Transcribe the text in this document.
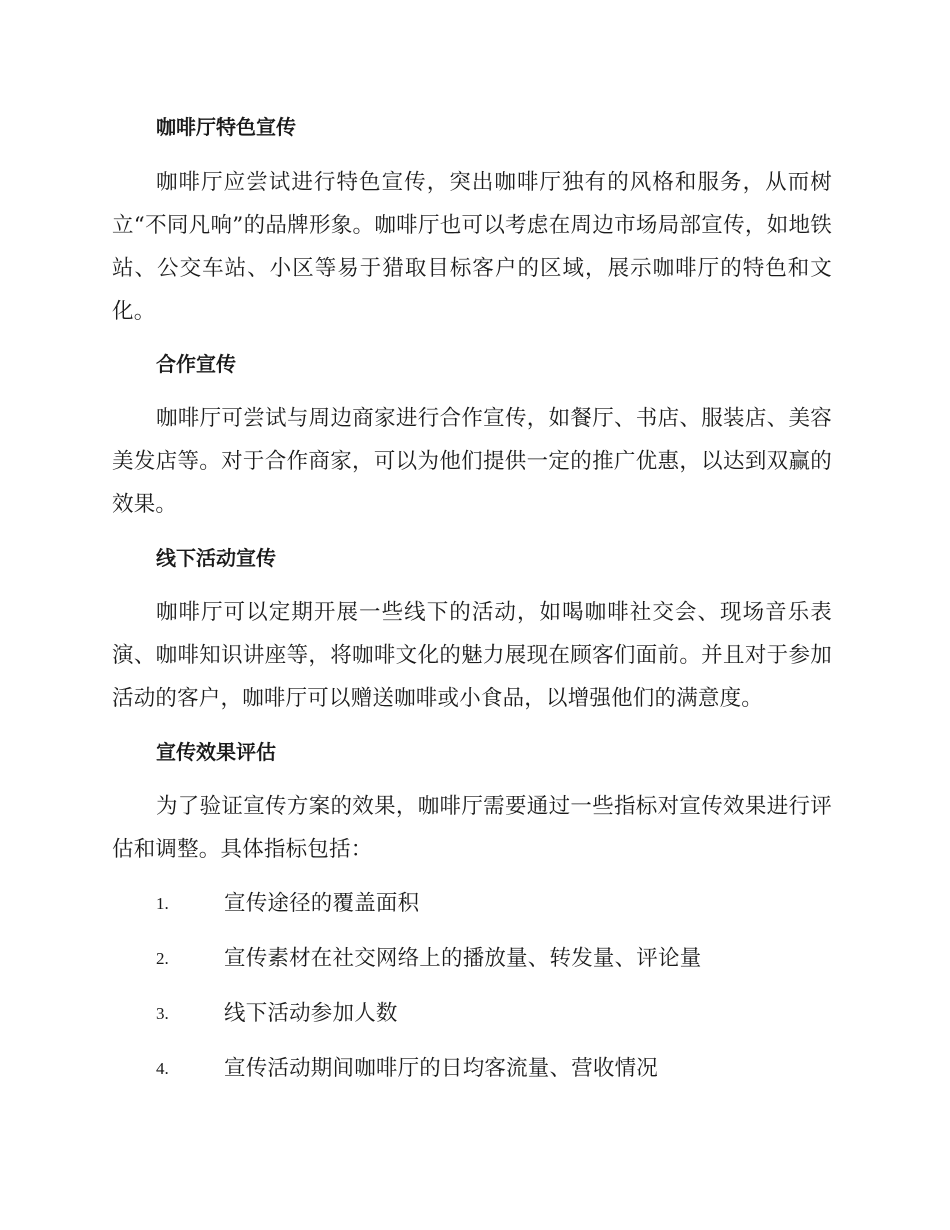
咖啡厅特色宣传

咖啡厅应尝试进行特色宣传，突出咖啡厅独有的风格和服务，从而树立“不同凡响”的品牌形象。咖啡厅也可以考虑在周边市场局部宣传，如地铁站、公交车站、小区等易于猎取目标客户的区域，展示咖啡厅的特色和文化。

合作宣传

咖啡厅可尝试与周边商家进行合作宣传，如餐厅、书店、服装店、美容美发店等。对于合作商家，可以为他们提供一定的推广优惠，以达到双赢的效果。

线下活动宣传

咖啡厅可以定期开展一些线下的活动，如喝咖啡社交会、现场音乐表演、咖啡知识讲座等，将咖啡文化的魅力展现在顾客们面前。并且对于参加活动的客户，咖啡厅可以赠送咖啡或小食品，以增强他们的满意度。

宣传效果评估

为了验证宣传方案的效果，咖啡厅需要通过一些指标对宣传效果进行评估和调整。具体指标包括：

1.	宣传途径的覆盖面积
2.	宣传素材在社交网络上的播放量、转发量、评论量
3.	线下活动参加人数
4.	宣传活动期间咖啡厅的日均客流量、营收情况
